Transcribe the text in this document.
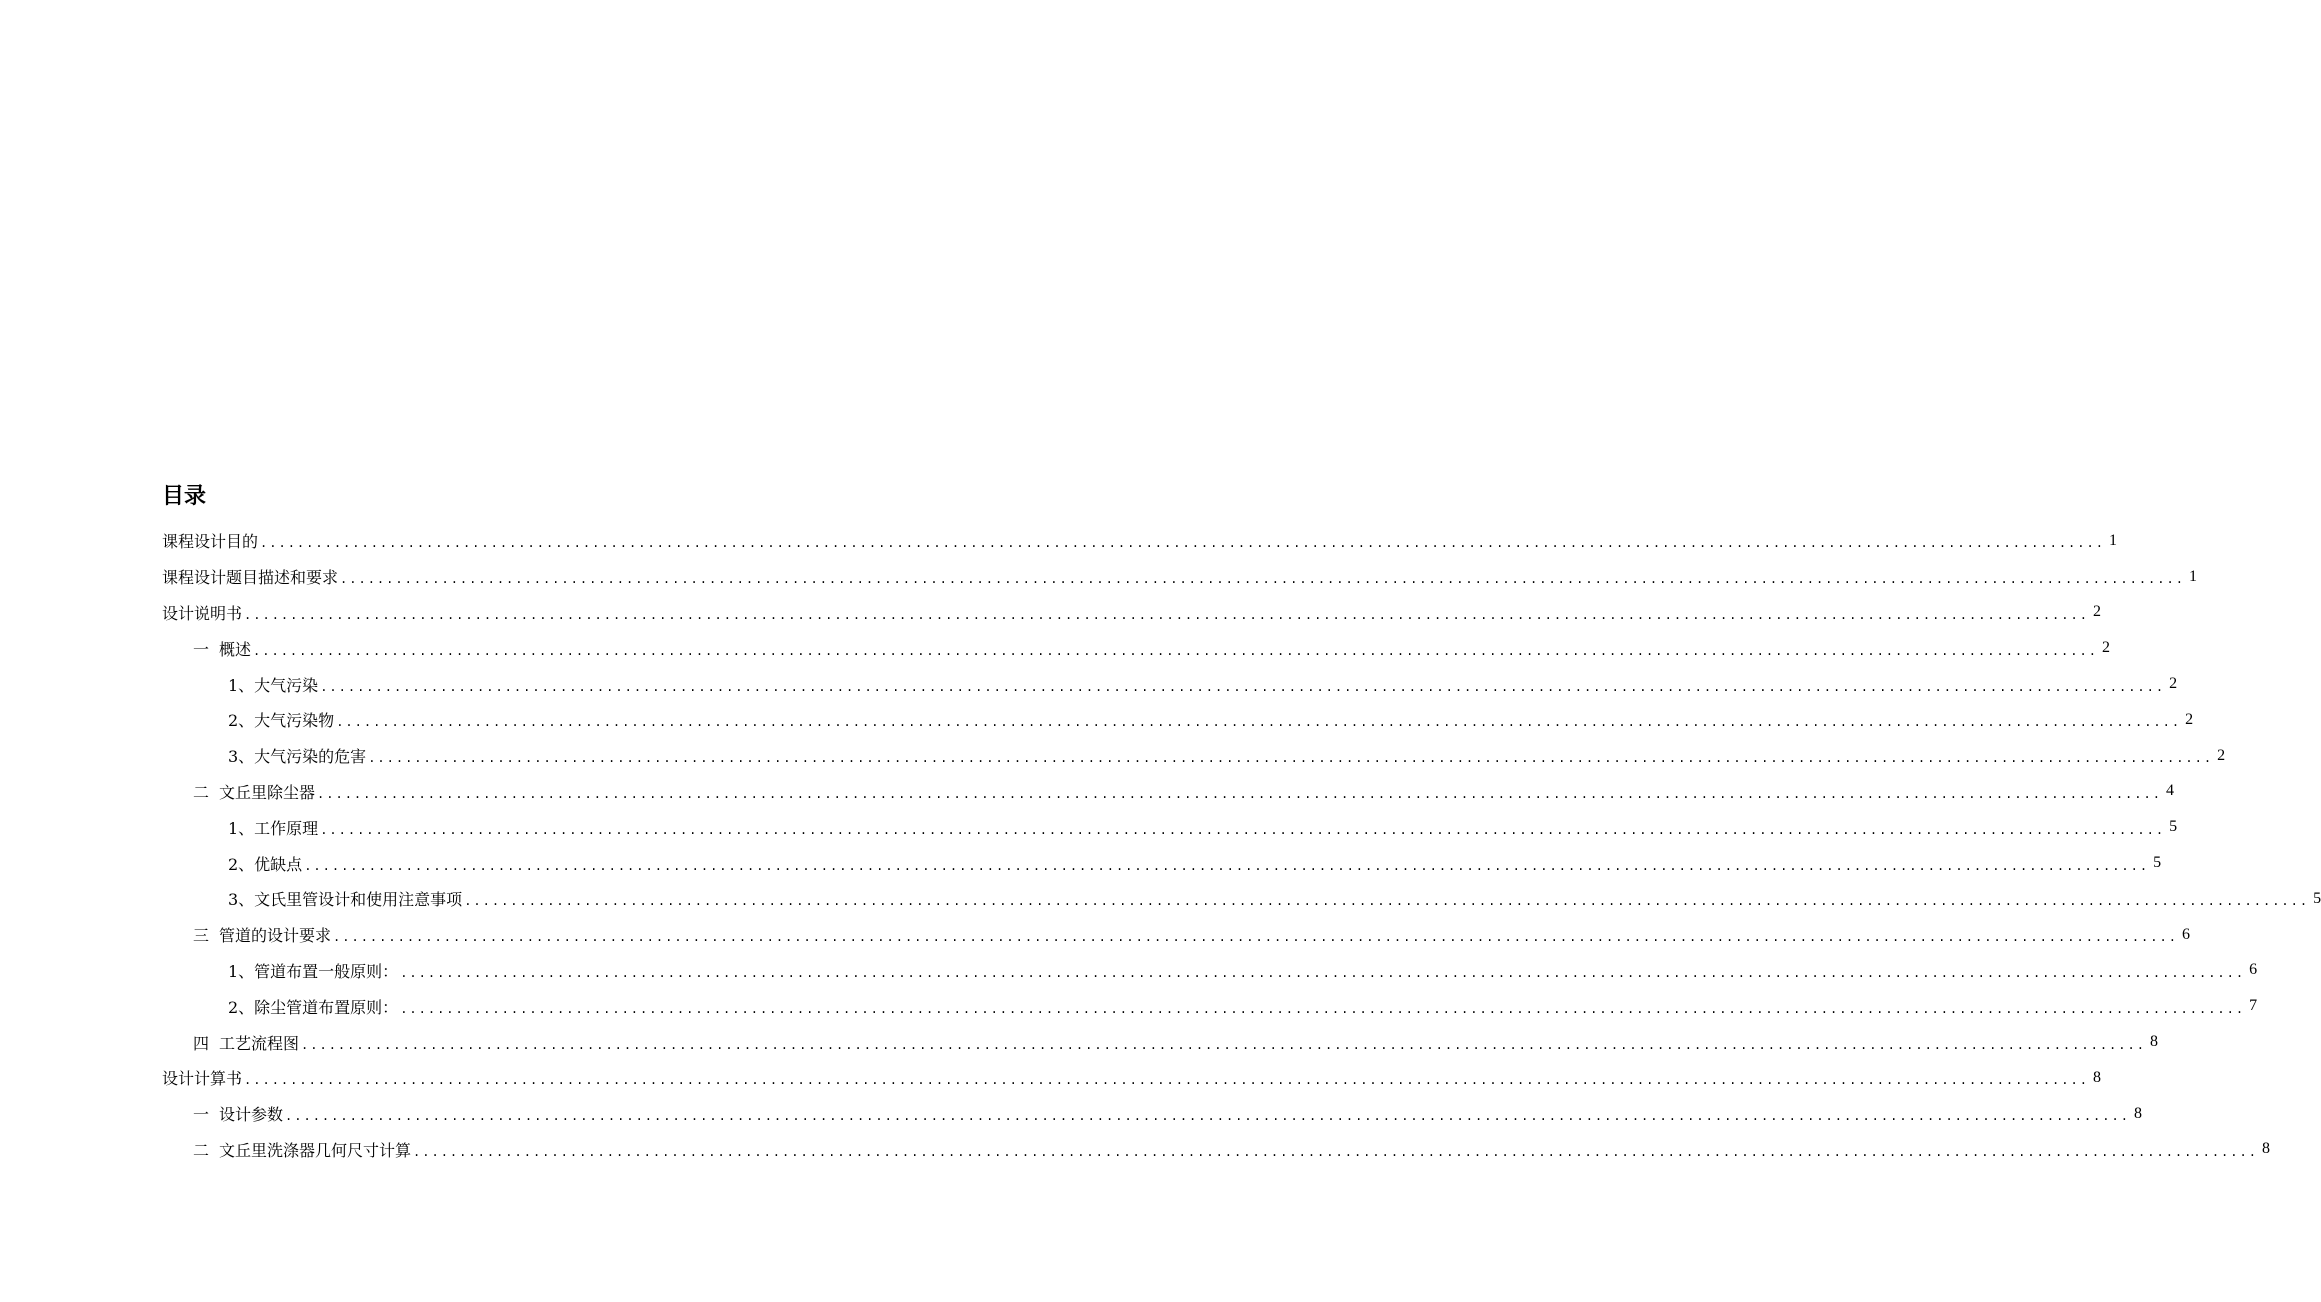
目录
课程设计目的 ........................................................................................................................................................................................................ 1
课程设计题目描述和要求 ........................................................................................................................................................................................................ 1
设计说明书 ........................................................................................................................................................................................................ 2
一 概述 ........................................................................................................................................................................................................ 2
1、大气污染 ........................................................................................................................................................................................................ 2
2、大气污染物 ........................................................................................................................................................................................................ 2
3、大气污染的危害 ........................................................................................................................................................................................................ 2
二 文丘里除尘器 ........................................................................................................................................................................................................ 4
1、工作原理 ........................................................................................................................................................................................................ 5
2、优缺点 ........................................................................................................................................................................................................ 5
3、文氏里管设计和使用注意事项 ........................................................................................................................................................................................................ 5
三 管道的设计要求 ........................................................................................................................................................................................................ 6
1、管道布置一般原则： ........................................................................................................................................................................................................ 6
2、除尘管道布置原则： ........................................................................................................................................................................................................ 7
四 工艺流程图 ........................................................................................................................................................................................................ 8
设计计算书 ........................................................................................................................................................................................................ 8
一 设计参数 ........................................................................................................................................................................................................ 8
二 文丘里洗涤器几何尺寸计算 ........................................................................................................................................................................................................ 8
